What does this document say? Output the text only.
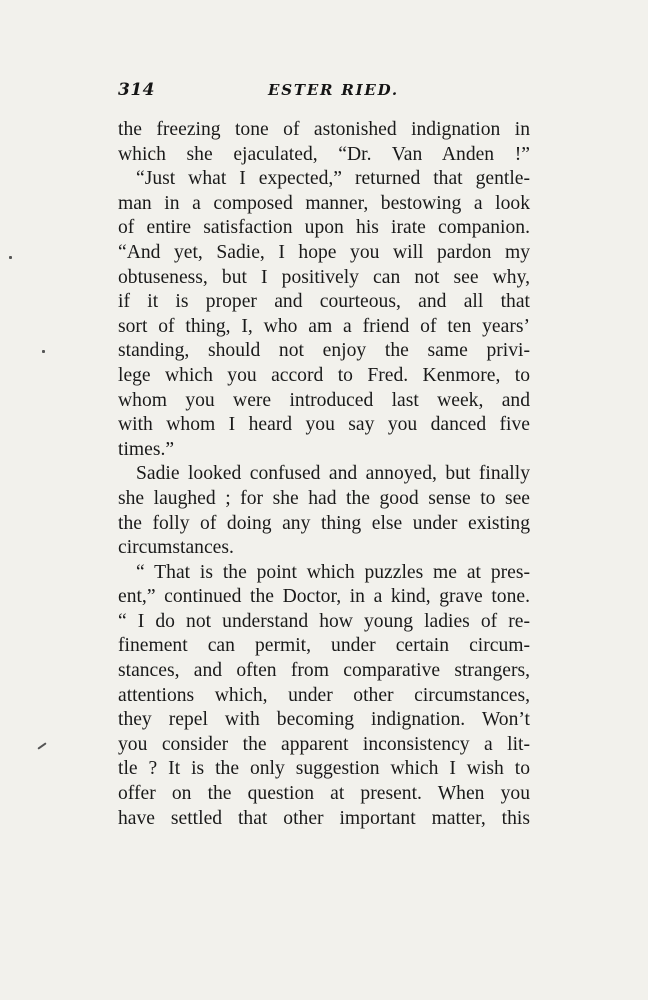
314	ESTER RIED.
the freezing tone of astonished indignation in
which she ejaculated, “Dr. Van Anden !”
“Just what I expected,” returned that gentle-
man in a composed manner, bestowing a look
of entire satisfaction upon his irate companion.
“And yet, Sadie, I hope you will pardon my
obtuseness, but I positively can not see why,
if it is proper and courteous, and all that
sort of thing, I, who am a friend of ten years’
standing, should not enjoy the same privi-
lege which you accord to Fred. Kenmore, to
whom you were introduced last week, and
with whom I heard you say you danced five
times.”
Sadie looked confused and annoyed, but finally
she laughed ; for she had the good sense to see
the folly of doing any thing else under existing
circumstances.
“ That is the point which puzzles me at pres-
ent,” continued the Doctor, in a kind, grave tone.
“ I do not understand how young ladies of re-
finement can permit, under certain circum-
stances, and often from comparative strangers,
attentions which, under other circumstances,
they repel with becoming indignation. Won’t
you consider the apparent inconsistency a lit-
tle ? It is the only suggestion which I wish to
offer on the question at present. When you
have settled that other important matter, this
